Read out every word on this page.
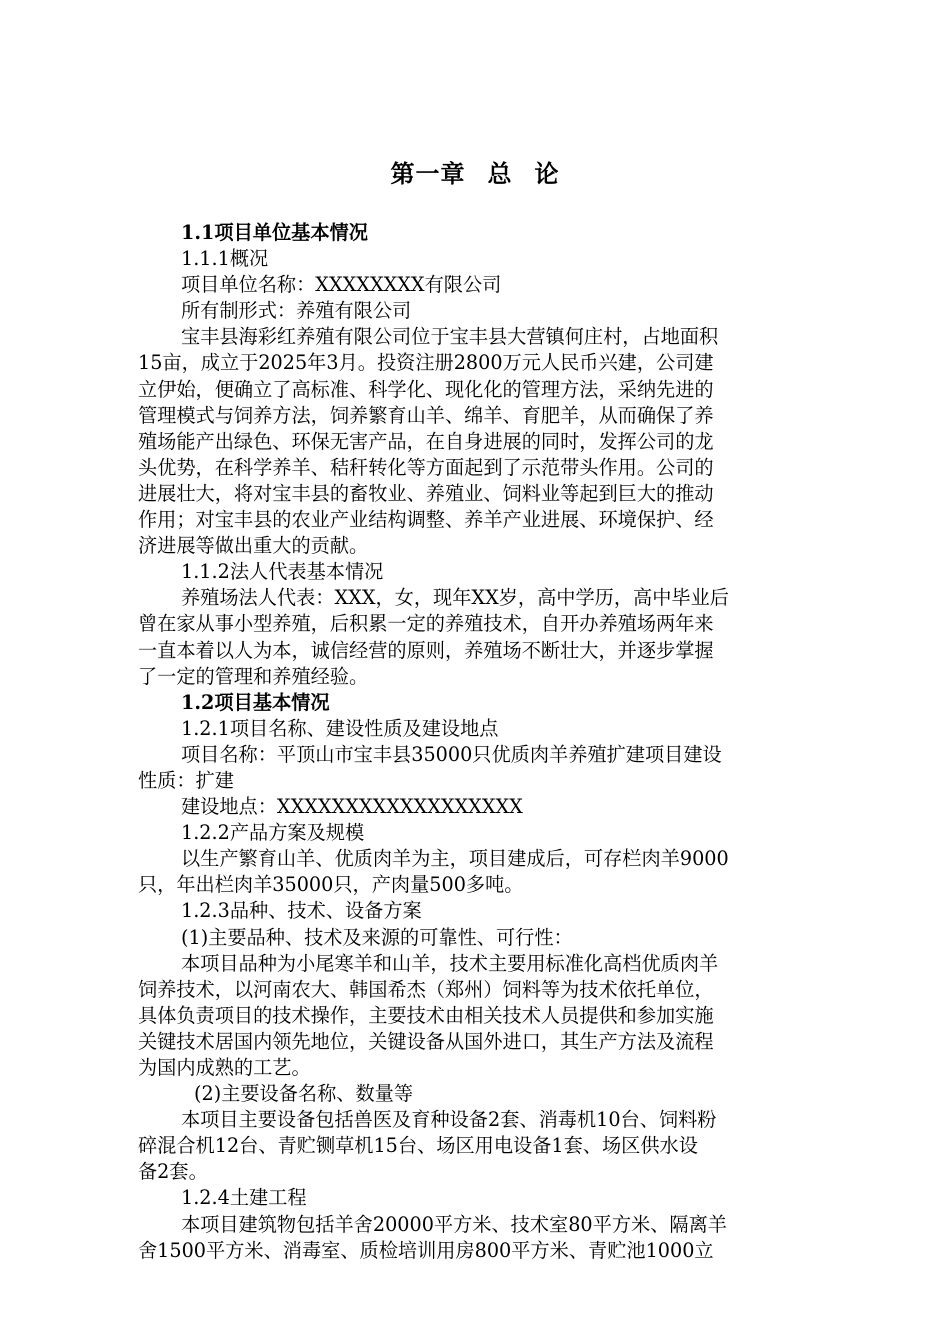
第一章 总 论
1.1项目单位基本情况
1.1.1概况
项目单位名称：XXXXXXXX有限公司
所有制形式：养殖有限公司
宝丰县海彩红养殖有限公司位于宝丰县大营镇何庄村，占地面积
15亩，成立于2025年3月。投资注册2800万元人民币兴建，公司建
立伊始，便确立了高标准、科学化、现化化的管理方法，采纳先进的
管理模式与饲养方法，饲养繁育山羊、绵羊、育肥羊，从而确保了养
殖场能产出绿色、环保无害产品，在自身进展的同时，发挥公司的龙
头优势，在科学养羊、秸秆转化等方面起到了示范带头作用。公司的
进展壮大，将对宝丰县的畜牧业、养殖业、饲料业等起到巨大的推动
作用；对宝丰县的农业产业结构调整、养羊产业进展、环境保护、经
济进展等做出重大的贡献。
1.1.2法人代表基本情况
养殖场法人代表：XXX，女，现年XX岁，高中学历，高中毕业后
曾在家从事小型养殖，后积累一定的养殖技术，自开办养殖场两年来
一直本着以人为本，诚信经营的原则，养殖场不断壮大，并逐步掌握
了一定的管理和养殖经验。
1.2项目基本情况
1.2.1项目名称、建设性质及建设地点
项目名称：平顶山市宝丰县35000只优质肉羊养殖扩建项目建设
性质：扩建
建设地点：XXXXXXXXXXXXXXXXXX
1.2.2产品方案及规模
以生产繁育山羊、优质肉羊为主，项目建成后，可存栏肉羊9000
只，年出栏肉羊35000只，产肉量500多吨。
1.2.3品种、技术、设备方案
(1)主要品种、技术及来源的可靠性、可行性：
本项目品种为小尾寒羊和山羊，技术主要用标准化高档优质肉羊
饲养技术，以河南农大、韩国希杰（郑州）饲料等为技术依托单位，
具体负责项目的技术操作，主要技术由相关技术人员提供和参加实施
关键技术居国内领先地位，关键设备从国外进口，其生产方法及流程
为国内成熟的工艺。
(2)主要设备名称、数量等
本项目主要设备包括兽医及育种设备2套、消毒机10台、饲料粉
碎混合机12台、青贮铡草机15台、场区用电设备1套、场区供水设
备2套。
1.2.4土建工程
本项目建筑物包括羊舍20000平方米、技术室80平方米、隔离羊
舍1500平方米、消毒室、质检培训用房800平方米、青贮池1000立
